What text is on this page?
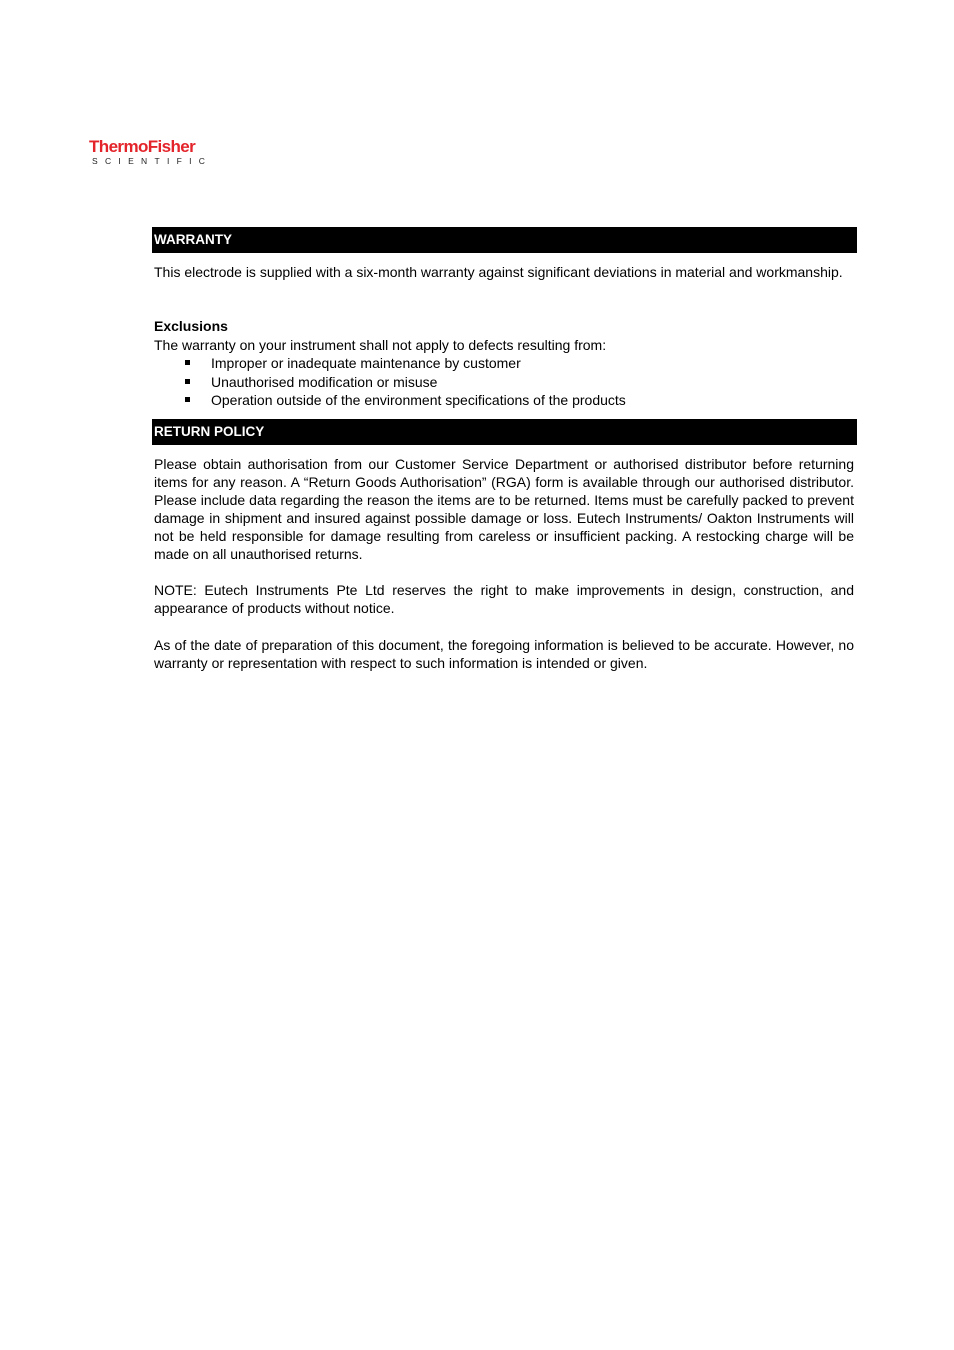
ThermoFisher
SCIENTIFIC
WARRANTY

This electrode is supplied with a six-month warranty against significant deviations in material and workmanship.

Exclusions

The warranty on your instrument shall not apply to defects resulting from:

Improper or inadequate maintenance by customer
Unauthorised modification or misuse
Operation outside of the environment specifications of the products
RETURN POLICY

Please obtain authorisation from our Customer Service Department or authorised distributor before returning items for any reason. A “Return Goods Authorisation” (RGA) form is available through our authorised distributor. Please include data regarding the reason the items are to be returned. Items must be carefully packed to prevent damage in shipment and insured against possible damage or loss. Eutech Instruments/ Oakton Instruments will not be held responsible for damage resulting from careless or insufficient packing. A restocking charge will be made on all unauthorised returns.

NOTE: Eutech Instruments Pte Ltd reserves the right to make improvements in design, construction, and appearance of products without notice.

As of the date of preparation of this document, the foregoing information is believed to be accurate. However, no warranty or representation with respect to such information is intended or given.
